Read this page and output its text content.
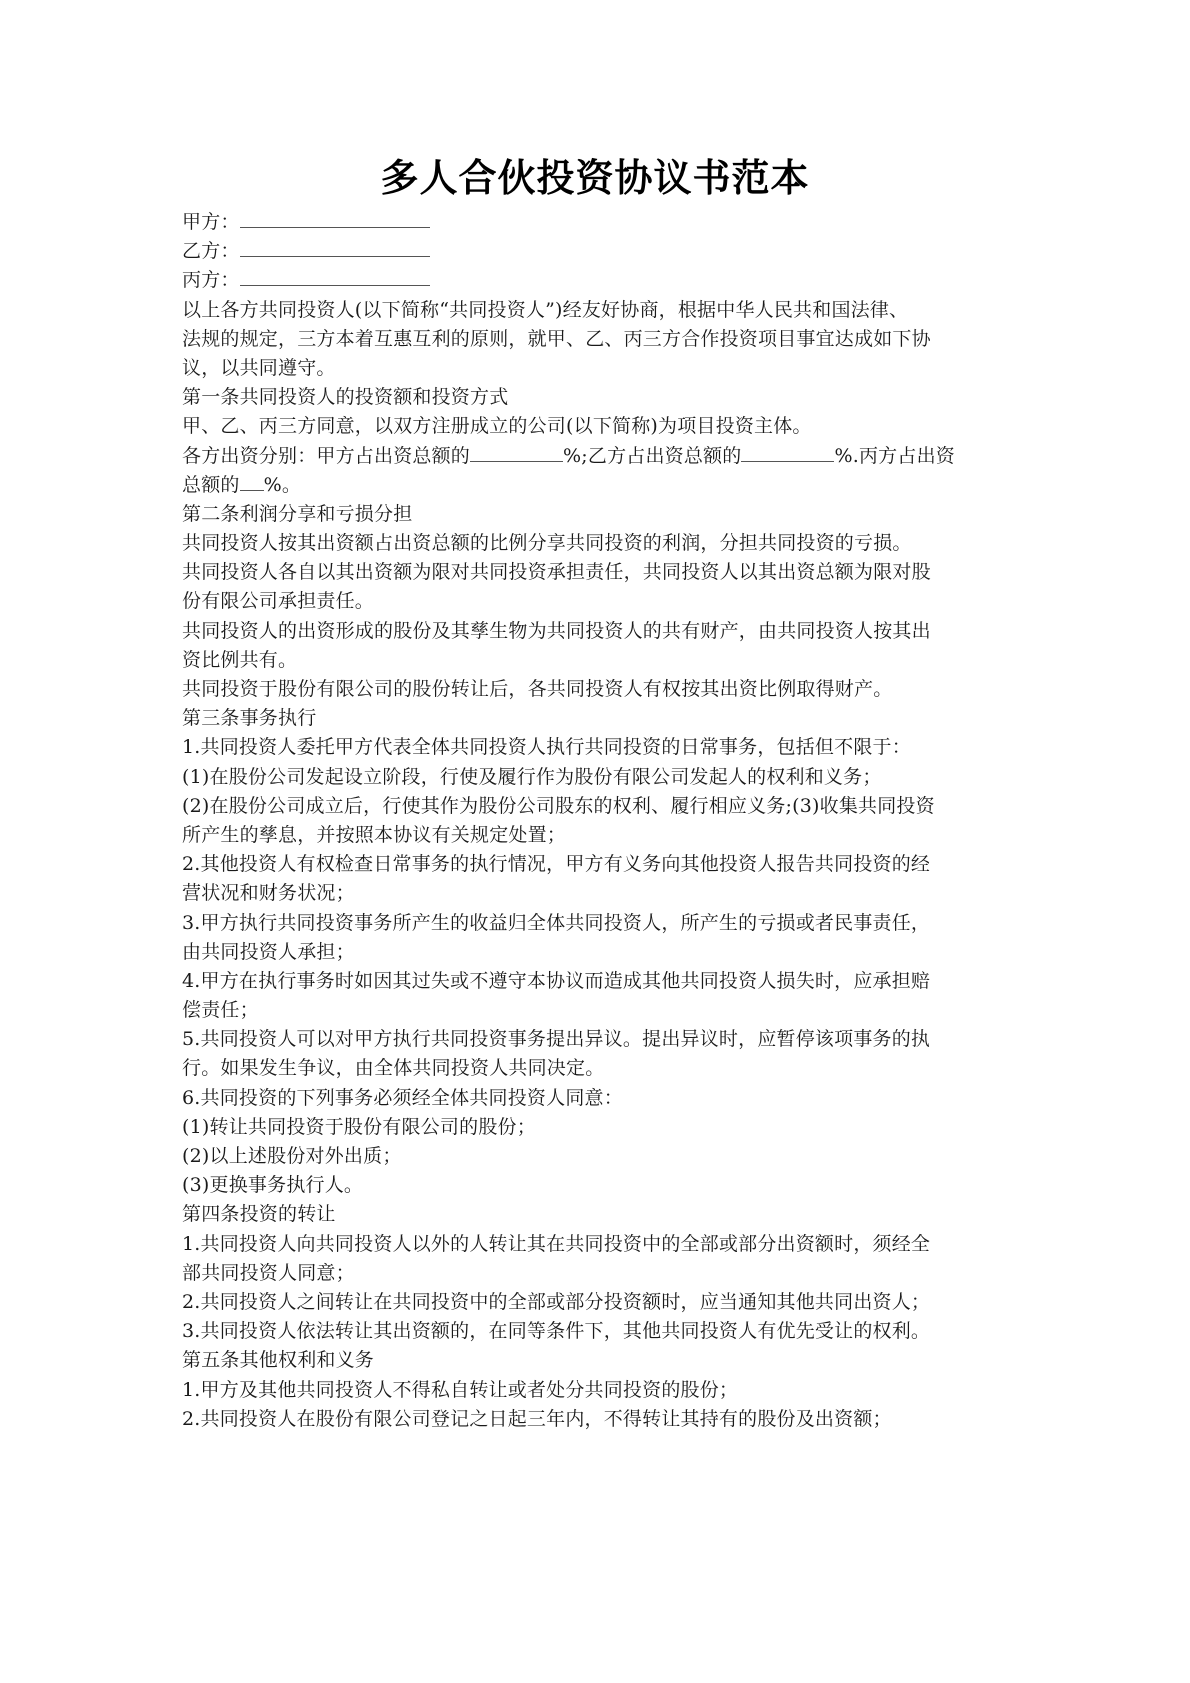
多人合伙投资协议书范本
甲方：
乙方：
丙方：
以上各方共同投资人(以下简称“共同投资人”)经友好协商，根据中华人民共和国法律、
法规的规定，三方本着互惠互利的原则，就甲、乙、丙三方合作投资项目事宜达成如下协
议，以共同遵守。
第一条共同投资人的投资额和投资方式
甲、乙、丙三方同意，以双方注册成立的公司(以下简称)为项目投资主体。
各方出资分别：甲方占出资总额的	%;乙方占出资总额的	%.丙方占出资
总额的 %。
第二条利润分享和亏损分担
共同投资人按其出资额占出资总额的比例分享共同投资的利润，分担共同投资的亏损。
共同投资人各自以其出资额为限对共同投资承担责任，共同投资人以其出资总额为限对股
份有限公司承担责任。
共同投资人的出资形成的股份及其孳生物为共同投资人的共有财产，由共同投资人按其出
资比例共有。
共同投资于股份有限公司的股份转让后，各共同投资人有权按其出资比例取得财产。
第三条事务执行
1.共同投资人委托甲方代表全体共同投资人执行共同投资的日常事务，包括但不限于：
(1)在股份公司发起设立阶段，行使及履行作为股份有限公司发起人的权利和义务；
(2)在股份公司成立后，行使其作为股份公司股东的权利、履行相应义务;(3)收集共同投资
所产生的孳息，并按照本协议有关规定处置；
2.其他投资人有权检查日常事务的执行情况，甲方有义务向其他投资人报告共同投资的经
营状况和财务状况；
3.甲方执行共同投资事务所产生的收益归全体共同投资人，所产生的亏损或者民事责任，
由共同投资人承担；
4.甲方在执行事务时如因其过失或不遵守本协议而造成其他共同投资人损失时，应承担赔
偿责任；
5.共同投资人可以对甲方执行共同投资事务提出异议。提出异议时，应暂停该项事务的执
行。如果发生争议，由全体共同投资人共同决定。
6.共同投资的下列事务必须经全体共同投资人同意：
(1)转让共同投资于股份有限公司的股份；
(2)以上述股份对外出质；
(3)更换事务执行人。
第四条投资的转让
1.共同投资人向共同投资人以外的人转让其在共同投资中的全部或部分出资额时，须经全
部共同投资人同意；
2.共同投资人之间转让在共同投资中的全部或部分投资额时，应当通知其他共同出资人；
3.共同投资人依法转让其出资额的，在同等条件下，其他共同投资人有优先受让的权利。
第五条其他权利和义务
1.甲方及其他共同投资人不得私自转让或者处分共同投资的股份；
2.共同投资人在股份有限公司登记之日起三年内，不得转让其持有的股份及出资额；
